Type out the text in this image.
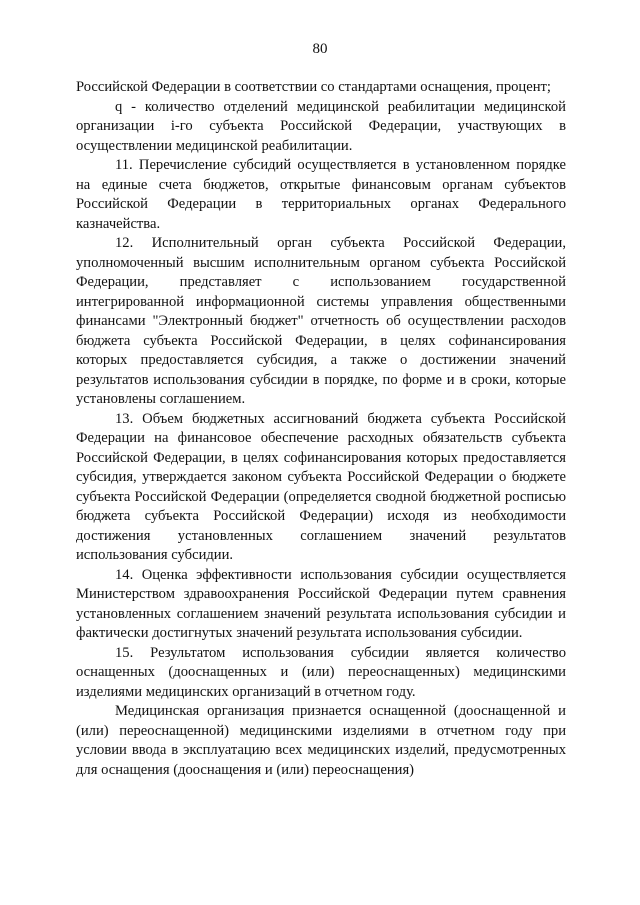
80

Российской Федерации в соответствии со стандартами оснащения, процент;

q - количество отделений медицинской реабилитации медицинской организации i-го субъекта Российской Федерации, участвующих в осуществлении медицинской реабилитации.

11. Перечисление субсидий осуществляется в установленном порядке на единые счета бюджетов, открытые финансовым органам субъектов Российской Федерации в территориальных органах Федерального казначейства.

12. Исполнительный орган субъекта Российской Федерации, уполномоченный высшим исполнительным органом субъекта Российской Федерации, представляет с использованием государственной интегрированной информационной системы управления общественными финансами "Электронный бюджет" отчетность об осуществлении расходов бюджета субъекта Российской Федерации, в целях софинансирования которых предоставляется субсидия, а также о достижении значений результатов использования субсидии в порядке, по форме и в сроки, которые установлены соглашением.

13. Объем бюджетных ассигнований бюджета субъекта Российской Федерации на финансовое обеспечение расходных обязательств субъекта Российской Федерации, в целях софинансирования которых предоставляется субсидия, утверждается законом субъекта Российской Федерации о бюджете субъекта Российской Федерации (определяется сводной бюджетной росписью бюджета субъекта Российской Федерации) исходя из необходимости достижения установленных соглашением значений результатов использования субсидии.

14. Оценка эффективности использования субсидии осуществляется Министерством здравоохранения Российской Федерации путем сравнения установленных соглашением значений результата использования субсидии и фактически достигнутых значений результата использования субсидии.

15. Результатом использования субсидии является количество оснащенных (дооснащенных и (или) переоснащенных) медицинскими изделиями медицинских организаций в отчетном году.

Медицинская организация признается оснащенной (дооснащенной и (или) переоснащенной) медицинскими изделиями в отчетном году при условии ввода в эксплуатацию всех медицинских изделий, предусмотренных для оснащения (дооснащения и (или) переоснащения)
